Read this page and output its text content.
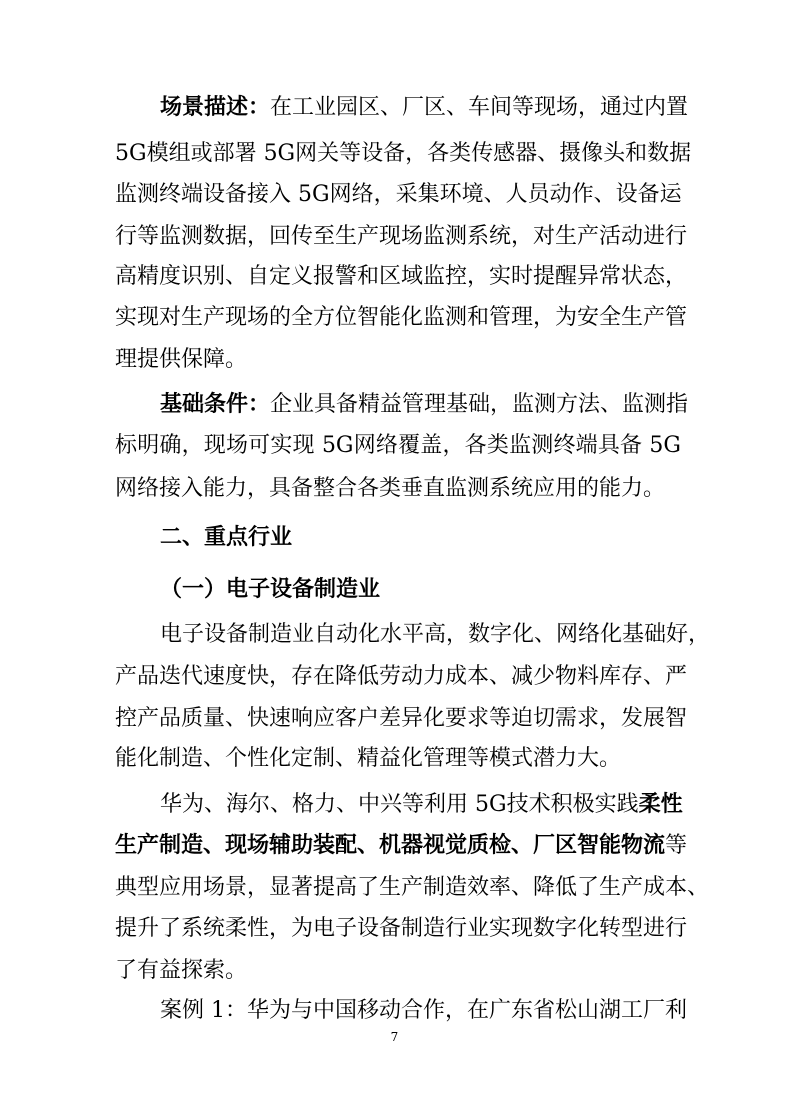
场景描述：在工业园区、厂区、车间等现场，通过内置
5G模组或部署 5G网关等设备，各类传感器、摄像头和数据
监测终端设备接入 5G网络，采集环境、人员动作、设备运
行等监测数据，回传至生产现场监测系统，对生产活动进行
高精度识别、自定义报警和区域监控，实时提醒异常状态，
实现对生产现场的全方位智能化监测和管理，为安全生产管
理提供保障。
基础条件：企业具备精益管理基础，监测方法、监测指
标明确，现场可实现 5G网络覆盖，各类监测终端具备 5G
网络接入能力，具备整合各类垂直监测系统应用的能力。
二、重点行业
（一）电子设备制造业
电子设备制造业自动化水平高，数字化、网络化基础好，
产品迭代速度快，存在降低劳动力成本、减少物料库存、严
控产品质量、快速响应客户差异化要求等迫切需求，发展智
能化制造、个性化定制、精益化管理等模式潜力大。
华为、海尔、格力、中兴等利用 5G技术积极实践柔性
生产制造、现场辅助装配、机器视觉质检、厂区智能物流等
典型应用场景，显著提高了生产制造效率、降低了生产成本、
提升了系统柔性，为电子设备制造行业实现数字化转型进行
了有益探索。
案例 1：华为与中国移动合作，在广东省松山湖工厂利
7
